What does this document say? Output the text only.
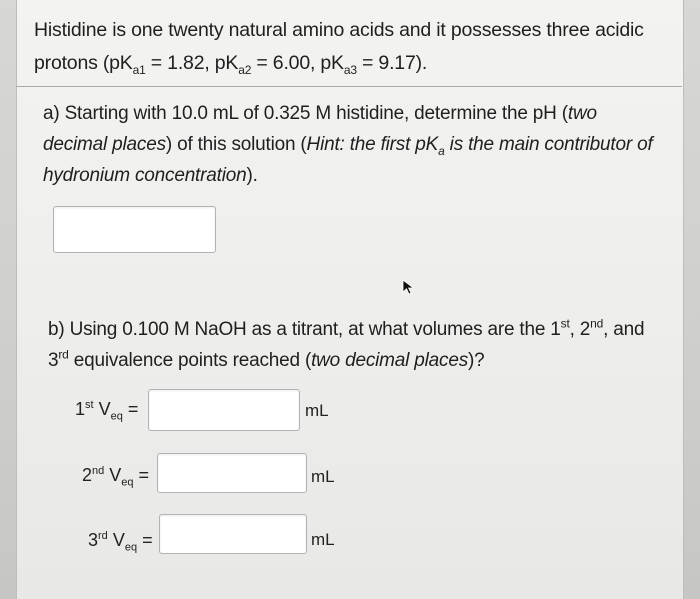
Histidine is one twenty natural amino acids and it possesses three acidic
protons ($pK_{a1} = 1.82$, $pK_{a2} = 6.00$, $pK_{a3} = 9.17$).
a) Starting with 10.0 mL of 0.325 M histidine, determine the pH (two decimal places) of this solution (Hint: the first $pK_a$ is the main contributor of hydronium concentration).
b) Using 0.100 M NaOH as a titrant, at what volumes are the 1st, 2nd, and 3rd equivalence points reached (two decimal places)?
1st $V_{eq}$ =	mL
2nd $V_{eq}$ =	mL
3rd $V_{eq}$ =	mL
